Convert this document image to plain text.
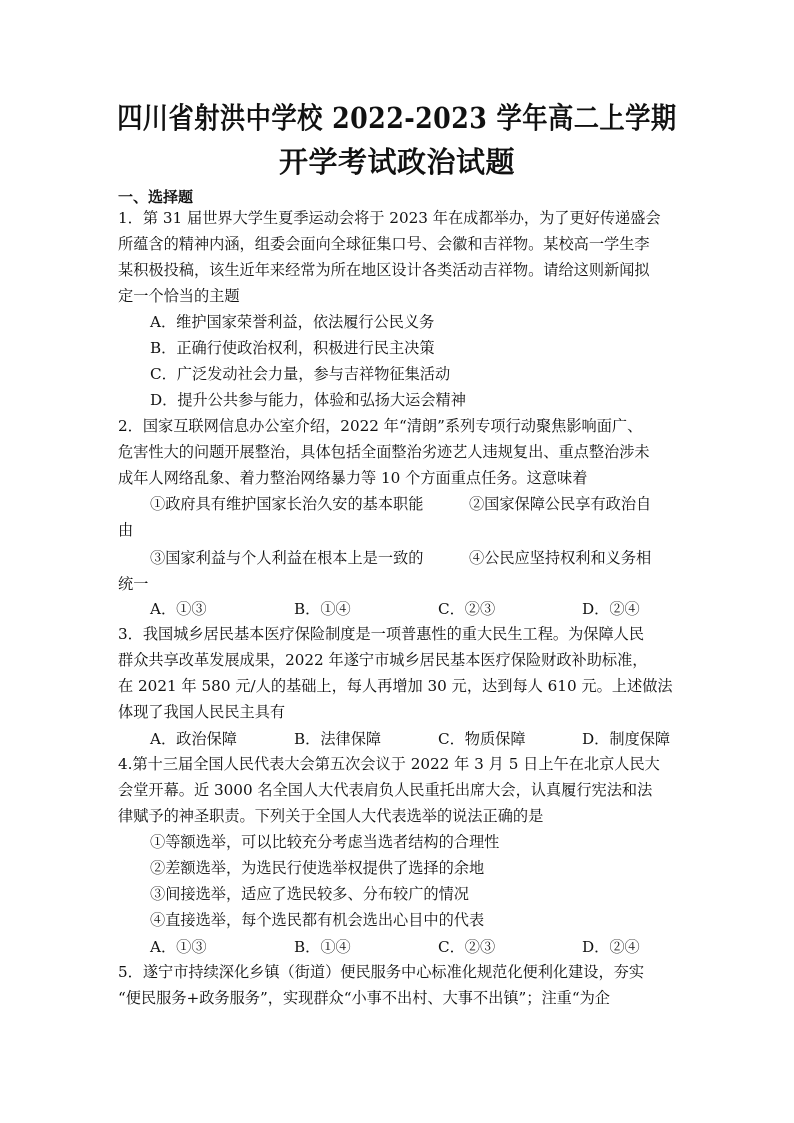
四川省射洪中学校 2022-2023 学年高二上学期
开学考试政治试题
一、选择题
1．第 31 届世界大学生夏季运动会将于 2023 年在成都举办，为了更好传递盛会
所蕴含的精神内涵，组委会面向全球征集口号、会徽和吉祥物。某校高一学生李
某积极投稿，该生近年来经常为所在地区设计各类活动吉祥物。请给这则新闻拟
定一个恰当的主题
A．维护国家荣誉利益，依法履行公民义务
B．正确行使政治权利，积极进行民主决策
C．广泛发动社会力量，参与吉祥物征集活动
D．提升公共参与能力，体验和弘扬大运会精神
2．国家互联网信息办公室介绍，2022 年“清朗”系列专项行动聚焦影响面广、
危害性大的问题开展整治，具体包括全面整治劣迹艺人违规复出、重点整治涉未
成年人网络乱象、着力整治网络暴力等 10 个方面重点任务。这意味着
①政府具有维护国家长治久安的基本职能　　　②国家保障公民享有政治自
由
③国家利益与个人利益在根本上是一致的　　　④公民应坚持权利和义务相
统一
A．①③	B．①④	C．②③	D．②④
3．我国城乡居民基本医疗保险制度是一项普惠性的重大民生工程。为保障人民
群众共享改革发展成果，2022 年遂宁市城乡居民基本医疗保险财政补助标准，
在 2021 年 580 元/人的基础上，每人再增加 30 元，达到每人 610 元。上述做法
体现了我国人民民主具有
A．政治保障	B．法律保障	C．物质保障	D．制度保障
4.第十三届全国人民代表大会第五次会议于 2022 年 3 月 5 日上午在北京人民大
会堂开幕。近 3000 名全国人大代表肩负人民重托出席大会，认真履行宪法和法
律赋予的神圣职责。下列关于全国人大代表选举的说法正确的是
①等额选举，可以比较充分考虑当选者结构的合理性
②差额选举，为选民行使选举权提供了选择的余地
③间接选举，适应了选民较多、分布较广的情况
④直接选举，每个选民都有机会选出心目中的代表
A．①③	B．①④	C．②③	D．②④
5．遂宁市持续深化乡镇（街道）便民服务中心标准化规范化便利化建设，夯实
“便民服务+政务服务”，实现群众“小事不出村、大事不出镇”；注重“为企
